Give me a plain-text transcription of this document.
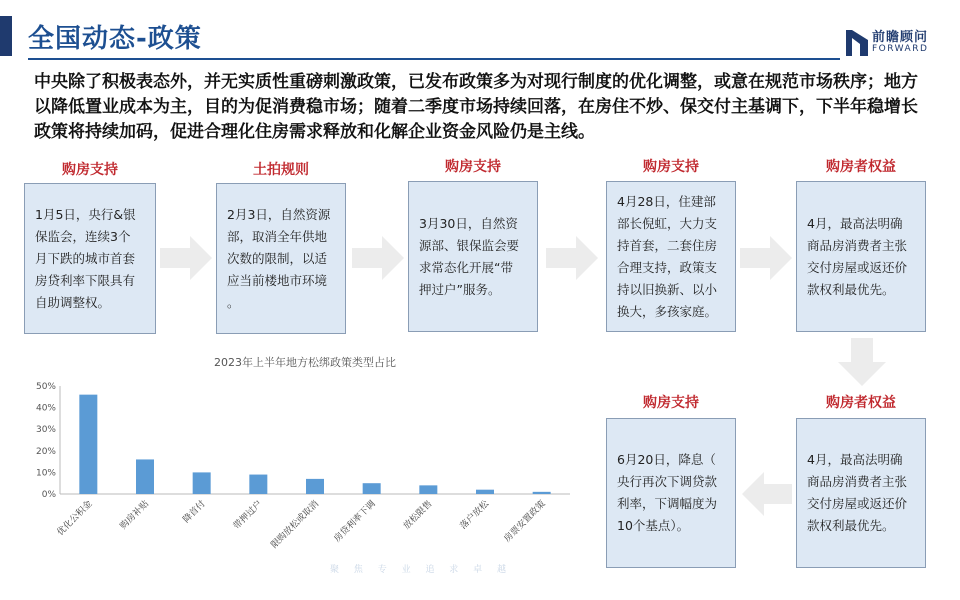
全国动态-政策	前瞻顾问
FORWARD
中央除了积极表态外，并无实质性重磅刺激政策，已发布政策多为对现行制度的优化调整，或意在规范市场秩序；地方以降低置业成本为主，目的为促消费稳市场；随着二季度市场持续回落，在房住不炒、保交付主基调下，下半年稳增长政策将持续加码，促进合理化住房需求释放和化解企业资金风险仍是主线。
购房支持	土拍规则	购房支持	购房支持	购房者权益
1月5日，央行&银
保监会，连续3个
月下跌的城市首套
房贷利率下限具有
自助调整权。
2月3日，自然资源
部，取消全年供地
次数的限制，以适
应当前楼地市环境
。
3月30日，自然资
源部、银保监会要
求常态化开展“带
押过户”服务。
4月28日，住建部
部长倪虹，大力支
持首套，二套住房
合理支持，政策支
持以旧换新、以小
换大，多孩家庭。
4月，最高法明确
商品房消费者主张
交付房屋或返还价
款权利最优先。
购房者权益
购房支持
4月，最高法明确
商品房消费者主张
交付房屋或返还价
款权利最优先。
6月20日，降息（
央行再次下调贷款
利率，下调幅度为
10个基点）。
2023年上半年地方松绑政策类型占比
0%
10%
20%
30%
40%
50%
优化公积金	购房补贴	降首付	带押过户 限购放松或取消 房贷利率下调	放松限售	落户放松 房票安置政策
聚 焦 专 业 追 求 卓 越
